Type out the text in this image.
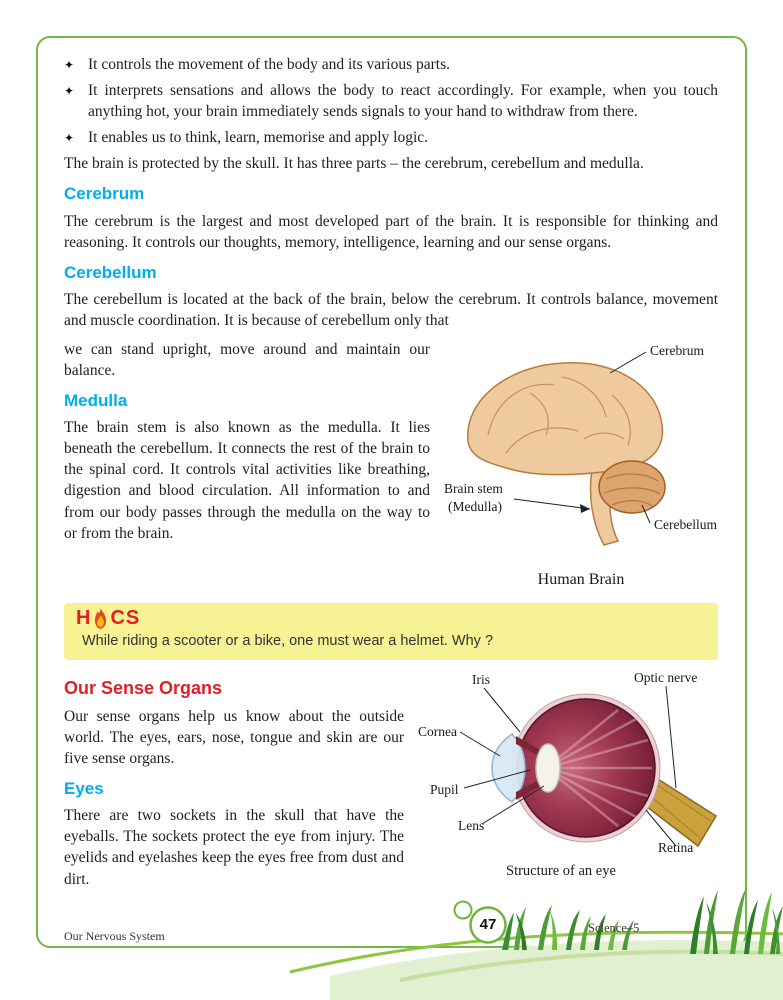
✦ It controls the movement of the body and its various parts.
✦ It interprets sensations and allows the body to react accordingly. For example, when you touch anything hot, your brain immediately sends signals to your hand to withdraw from there.
✦ It enables us to think, learn, memorise and apply logic.

The brain is protected by the skull. It has three parts – the cerebrum, cerebellum and medulla.

Cerebrum

The cerebrum is the largest and most developed part of the brain. It is responsible for thinking and reasoning. It controls our thoughts, memory, intelligence, learning and our sense organs.

Cerebellum

The cerebellum is located at the back of the brain, below the cerebrum. It controls balance, movement and muscle coordination. It is because of cerebellum only that

we can stand upright, move around and maintain our balance.

Medulla

The brain stem is also known as the medulla. It lies beneath the cerebellum. It connects the rest of the brain to the spinal cord. It controls vital activities like breathing, digestion and blood circulation. All information to and from our body passes through the medulla on the way to or from the brain.

Cerebrum
Cerebellum
Brain stem
(Medulla)
Human Brain
H CS

While riding a scooter or a bike, one must wear a helmet. Why ?

Our Sense Organs

Our sense organs help us know about the outside world. The eyes, ears, nose, tongue and skin are our five sense organs.

Eyes

There are two sockets in the skull that have the eyeballs. The sockets protect the eye from injury. The eyelids and eyelashes keep the eyes free from dust and dirt.

Iris	Optic nerve
Cornea
Pupil
Lens
Retina
Structure of an eye
Our Nervous System
47	Science–5
